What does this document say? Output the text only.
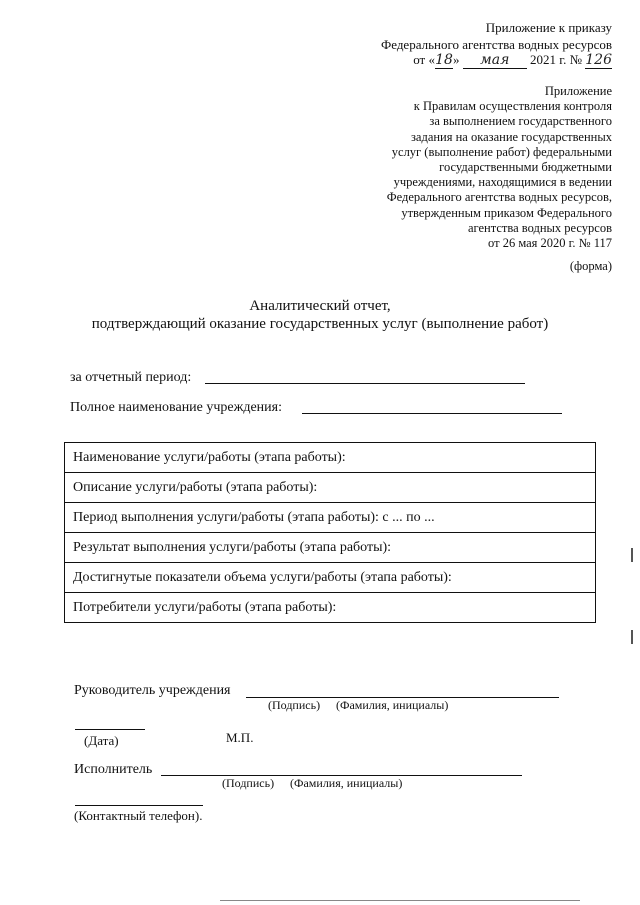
Приложение к приказу
Федерального агентства водных ресурсов
от «18» мая 2021 г. № 126
Приложение
к Правилам осуществления контроля
за выполнением государственного
задания на оказание государственных
услуг (выполнение работ) федеральными
государственными бюджетными
учреждениями, находящимися в ведении
Федерального агентства водных ресурсов,
утвержденным приказом Федерального
агентства водных ресурсов
от 26 мая 2020 г. № 117
(форма)
Аналитический отчет,
подтверждающий оказание государственных услуг (выполнение работ)
за отчетный период:
Полное наименование учреждения:
Наименование услуги/работы (этапа работы):
Описание услуги/работы (этапа работы):
Период выполнения услуги/работы (этапа работы): с ... по ...
Результат выполнения услуги/работы (этапа работы):
Достигнутые показатели объема услуги/работы (этапа работы):
Потребители услуги/работы (этапа работы):
Руководитель учреждения
(Подпись) (Фамилия, инициалы)
(Дата)	М.П.
Исполнитель
(Подпись) (Фамилия, инициалы)
(Контактный телефон).
